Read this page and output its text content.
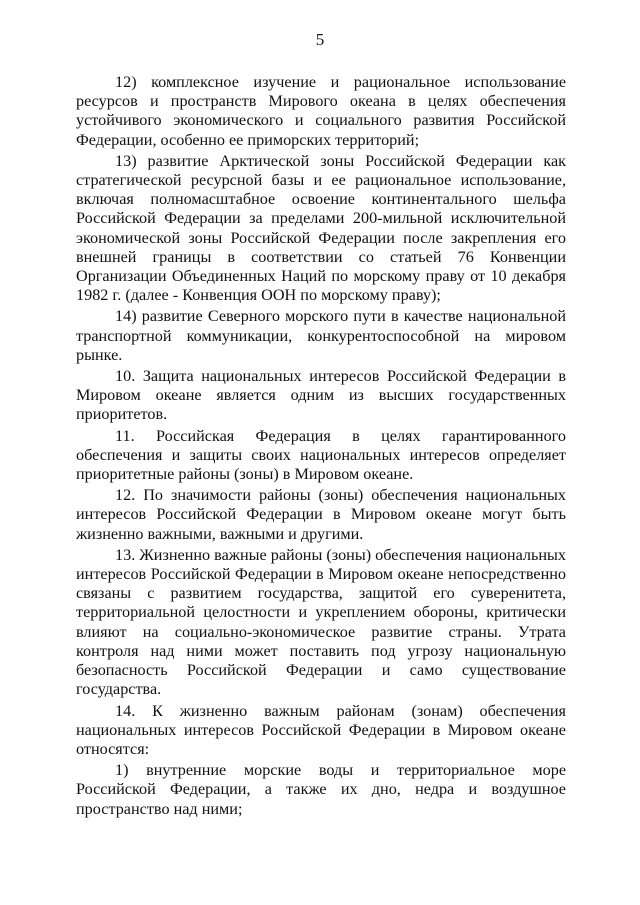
5

12) комплексное изучение и рациональное использование ресурсов и пространств Мирового океана в целях обеспечения устойчивого экономического и социального развития Российской Федерации, особенно ее приморских территорий;

13) развитие Арктической зоны Российской Федерации как стратегической ресурсной базы и ее рациональное использование, включая полномасштабное освоение континентального шельфа Российской Федерации за пределами 200-мильной исключительной экономической зоны Российской Федерации после закрепления его внешней границы в соответствии со статьей 76 Конвенции Организации Объединенных Наций по морскому праву от 10 декабря 1982 г. (далее - Конвенция ООН по морскому праву);

14) развитие Северного морского пути в качестве национальной транспортной коммуникации, конкурентоспособной на мировом рынке.

10. Защита национальных интересов Российской Федерации в Мировом океане является одним из высших государственных приоритетов.

11. Российская Федерация в целях гарантированного обеспечения и защиты своих национальных интересов определяет приоритетные районы (зоны) в Мировом океане.

12. По значимости районы (зоны) обеспечения национальных интересов Российской Федерации в Мировом океане могут быть жизненно важными, важными и другими.

13. Жизненно важные районы (зоны) обеспечения национальных интересов Российской Федерации в Мировом океане непосредственно связаны с развитием государства, защитой его суверенитета, территориальной целостности и укреплением обороны, критически влияют на социально-экономическое развитие страны. Утрата контроля над ними может поставить под угрозу национальную безопасность Российской Федерации и само существование государства.

14. К жизненно важным районам (зонам) обеспечения национальных интересов Российской Федерации в Мировом океане относятся:

1) внутренние морские воды и территориальное море Российской Федерации, а также их дно, недра и воздушное пространство над ними;
